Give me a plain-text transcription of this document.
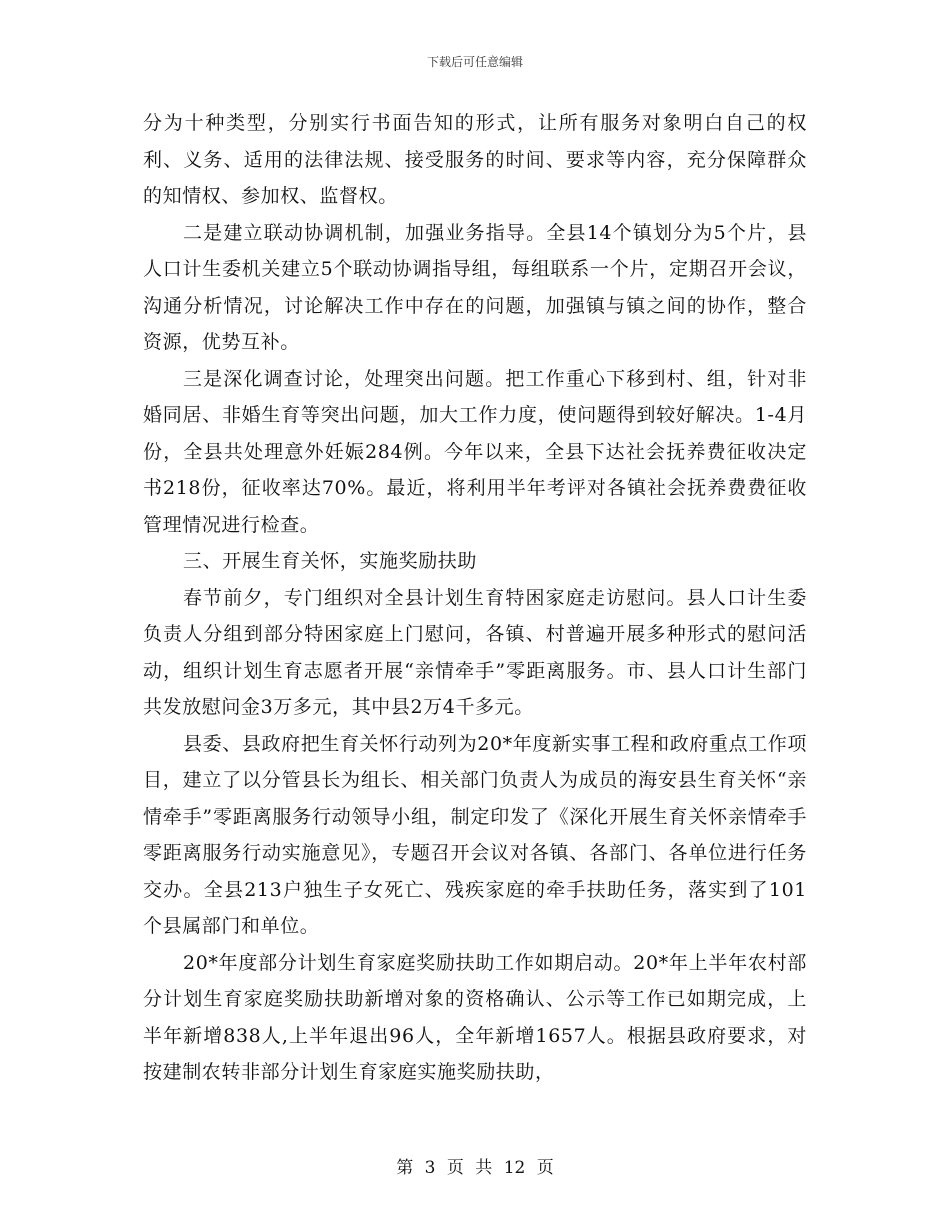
下载后可任意编辑

分为十种类型，分别实行书面告知的形式，让所有服务对象明白自己的权利、义务、适用的法律法规、接受服务的时间、要求等内容，充分保障群众的知情权、参加权、监督权。

二是建立联动协调机制，加强业务指导。全县14个镇划分为5个片，县人口计生委机关建立5个联动协调指导组，每组联系一个片，定期召开会议，沟通分析情况，讨论解决工作中存在的问题，加强镇与镇之间的协作，整合资源，优势互补。

三是深化调查讨论，处理突出问题。把工作重心下移到村、组，针对非婚同居、非婚生育等突出问题，加大工作力度，使问题得到较好解决。1-4月份，全县共处理意外妊娠284例。今年以来，全县下达社会抚养费征收决定书218份，征收率达70%。最近，将利用半年考评对各镇社会抚养费费征收管理情况进行检查。

三、开展生育关怀，实施奖励扶助

春节前夕，专门组织对全县计划生育特困家庭走访慰问。县人口计生委负责人分组到部分特困家庭上门慰问，各镇、村普遍开展多种形式的慰问活动，组织计划生育志愿者开展“亲情牵手”零距离服务。市、县人口计生部门共发放慰问金3万多元，其中县2万4千多元。

县委、县政府把生育关怀行动列为20*年度新实事工程和政府重点工作项目，建立了以分管县长为组长、相关部门负责人为成员的海安县生育关怀“亲情牵手”零距离服务行动领导小组，制定印发了《深化开展生育关怀亲情牵手零距离服务行动实施意见》，专题召开会议对各镇、各部门、各单位进行任务交办。全县213户独生子女死亡、残疾家庭的牵手扶助任务，落实到了101个县属部门和单位。

20*年度部分计划生育家庭奖励扶助工作如期启动。20*年上半年农村部分计划生育家庭奖励扶助新增对象的资格确认、公示等工作已如期完成，上半年新增838人,上半年退出96人，全年新增1657人。根据县政府要求，对按建制农转非部分计划生育家庭实施奖励扶助，

第 3 页 共 12 页
